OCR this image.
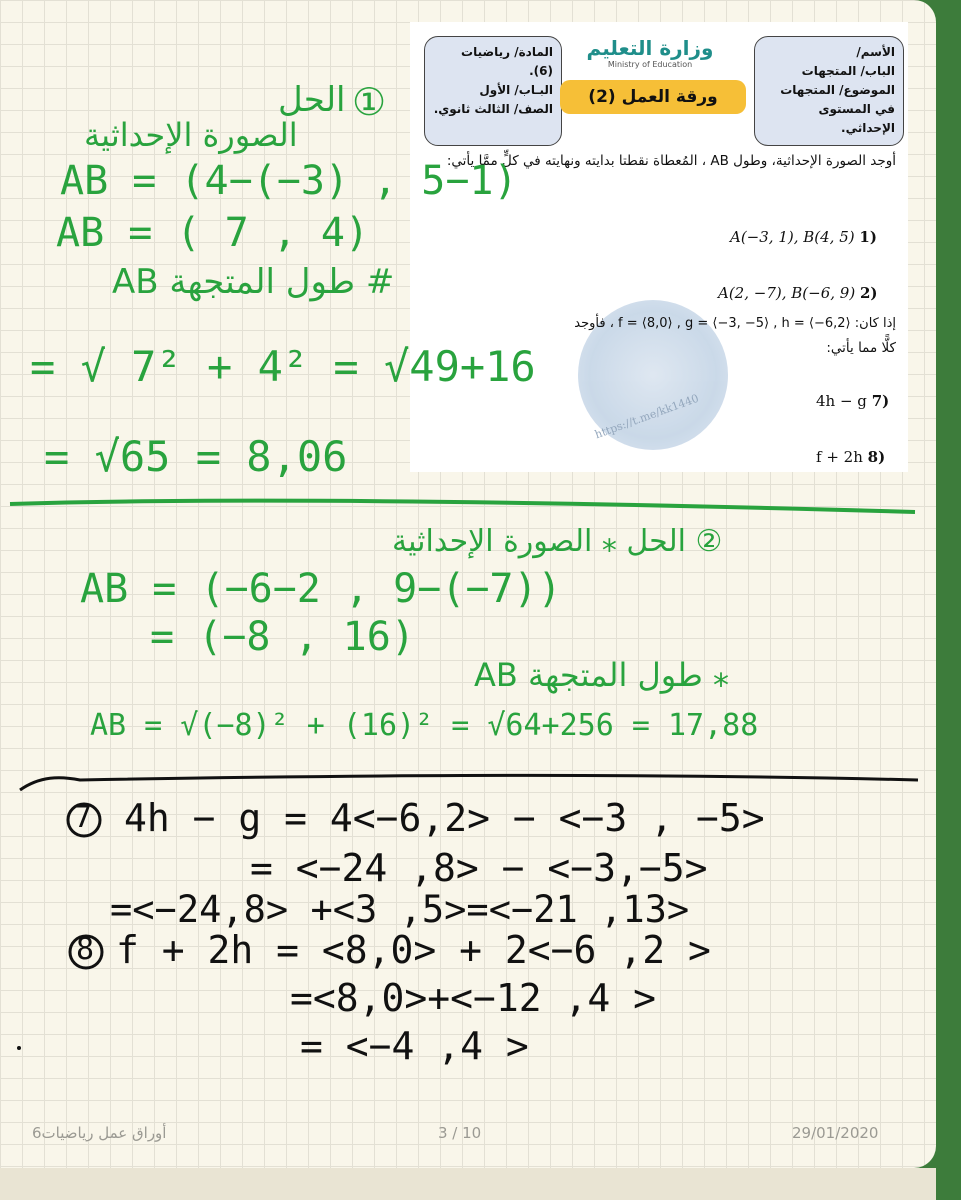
الأسم/
الباب/ المتجهات
الموضوع/ المتجهات
في المستوى الإحداثي.
المادة/ رياضيات (6).
البـاب/ الأول
الصف/ الثالث ثانوي.
وزارة التعليم
Ministry of Education
ورقة العمل (2)
https://t.me/kk1440
أوجد الصورة الإحداثية، وطول AB ، المُعطاة نقطتا بدايته ونهايته في كلٍّ ممَّا يأتي:
A(−3, 1), B(4, 5) 1)
A(2, −7), B(−6, 9) 2)
إذا كان: f = ⟨8,0⟩ , g = ⟨−3, −5⟩ , h = ⟨−6,2⟩ ، فأوجد
كلًّا مما يأتي:
4h − g 7)
f + 2h 8)
①
الحل
الصورة الإحداثية
AB = (4−(−3) , 5−1)
AB = ( 7 , 4)
AB طول المتجهة #
= √ 7² + 4² = √49+16
= √65 = 8,06
الحل ⁎ الصورة الإحداثية ②
AB = (−6−2 , 9−(−7))
= (−8 , 16)
AB طول المتجهة ⁎
AB = √(−8)² + (16)² = √64+256 = 17,88
7 4h − g = 4<−6,2> − <−3 , −5>
= <−24 ,8> − <−3,−5>
=<−24,8> +<3 ,5>=<−21 ,13>
8 f + 2h = <8,0> + 2<−6 ,2 >
=<8,0>+<−12 ,4 >
= <−4 ,4 >
أوراق عمل رياضيات6	3 / 10	29/01/2020
